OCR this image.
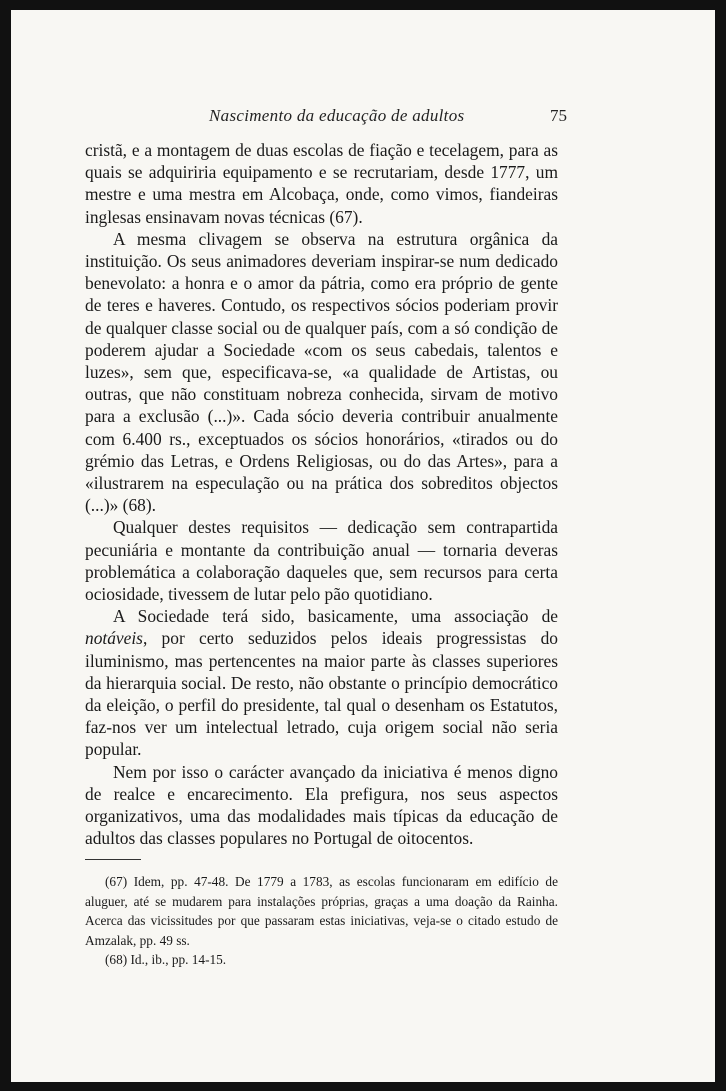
Nascimento da educação de adultos	75

cristã, e a montagem de duas escolas de fiação e tecelagem, para as quais se adquiriria equipamento e se recrutariam, desde 1777, um mestre e uma mestra em Alcobaça, onde, como vimos, fiandeiras inglesas ensinavam novas técnicas (67).

A mesma clivagem se observa na estrutura orgânica da instituição. Os seus animadores deveriam inspirar-se num dedicado benevolato: a honra e o amor da pátria, como era próprio de gente de teres e haveres. Contudo, os respectivos sócios poderiam provir de qualquer classe social ou de qualquer país, com a só condição de poderem ajudar a Sociedade «com os seus cabedais, talentos e luzes», sem que, especificava-se, «a qualidade de Artistas, ou outras, que não constituam nobreza conhecida, sirvam de motivo para a exclusão (...)». Cada sócio deveria contribuir anualmente com 6.400 rs., exceptuados os sócios honorários, «tirados ou do grémio das Letras, e Ordens Religiosas, ou do das Artes», para a «ilustrarem na especulação ou na prática dos sobreditos objectos (...)» (68).

Qualquer destes requisitos — dedicação sem contrapartida pecuniária e montante da contribuição anual — tornaria deveras problemática a colaboração daqueles que, sem recursos para certa ociosidade, tivessem de lutar pelo pão quotidiano.

A Sociedade terá sido, basicamente, uma associação de notáveis, por certo seduzidos pelos ideais progressistas do iluminismo, mas pertencentes na maior parte às classes superiores da hierarquia social. De resto, não obstante o princípio democrático da eleição, o perfil do presidente, tal qual o desenham os Estatutos, faz-nos ver um intelectual letrado, cuja origem social não seria popular.

Nem por isso o carácter avançado da iniciativa é menos digno de realce e encarecimento. Ela prefigura, nos seus aspectos organizativos, uma das modalidades mais típicas da educação de adultos das classes populares no Portugal de oitocentos.

(67) Idem, pp. 47-48. De 1779 a 1783, as escolas funcionaram em edifício de aluguer, até se mudarem para instalações próprias, graças a uma doação da Rainha. Acerca das vicissitudes por que passaram estas iniciativas, veja-se o citado estudo de Amzalak, pp. 49 ss.

(68) Id., ib., pp. 14-15.
